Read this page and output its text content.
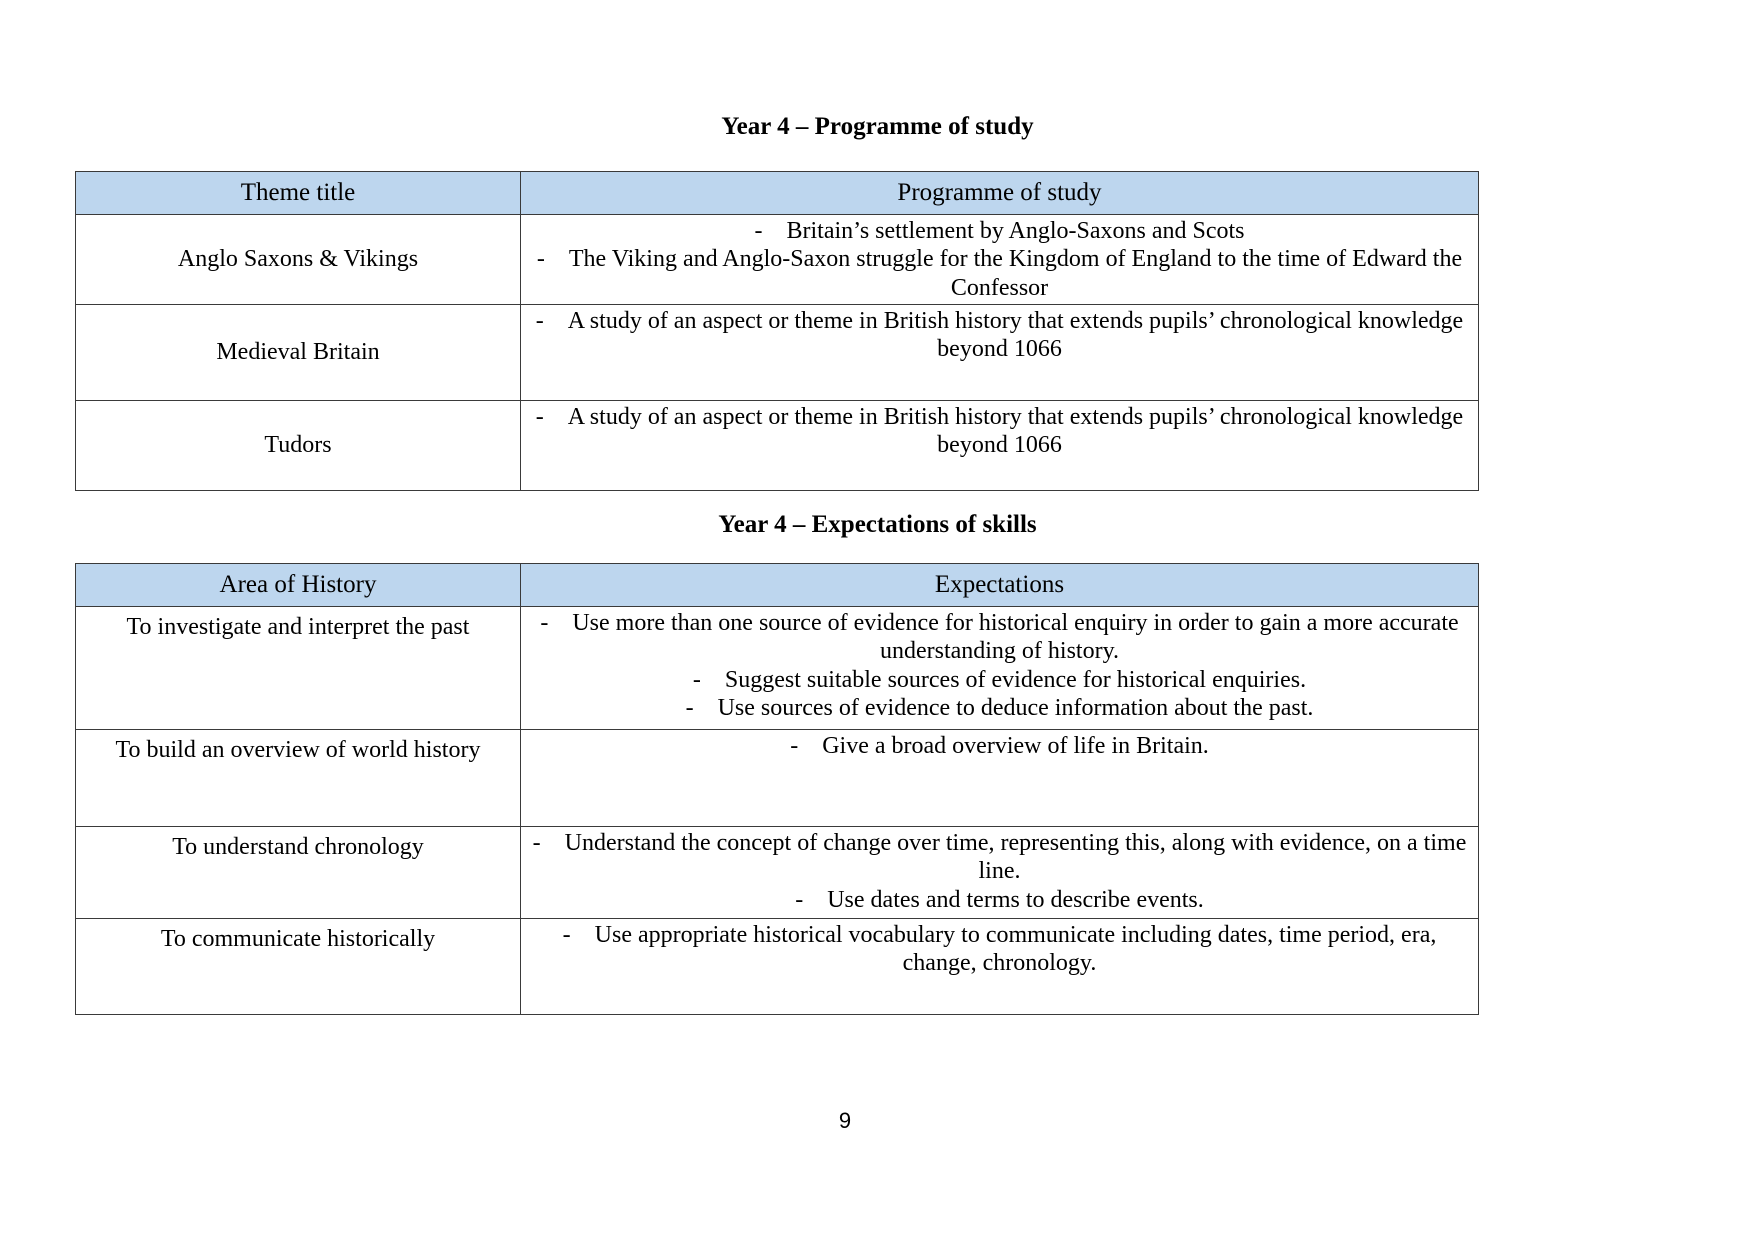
Year 4 – Programme of study
Theme title	Programme of study
Anglo Saxons & Vikings	- Britain’s settlement by Anglo-Saxons and Scots
- The Viking and Anglo-Saxon struggle for the Kingdom of England to the time of Edward the Confessor

Medieval Britain	- A study of an aspect or theme in British history that extends pupils’ chronological knowledge beyond 1066

Tudors	- A study of an aspect or theme in British history that extends pupils’ chronological knowledge beyond 1066
Year 4 – Expectations of skills
Area of History	Expectations
To investigate and interpret the past	- Use more than one source of evidence for historical enquiry in order to gain a more accurate understanding of history.
- Suggest suitable sources of evidence for historical enquiries.
- Use sources of evidence to deduce information about the past.

To build an overview of world history	- Give a broad overview of life in Britain.

To understand chronology	- Understand the concept of change over time, representing this, along with evidence, on a time line.
- Use dates and terms to describe events.

To communicate historically	- Use appropriate historical vocabulary to communicate including dates, time period, era, change, chronology.
9
